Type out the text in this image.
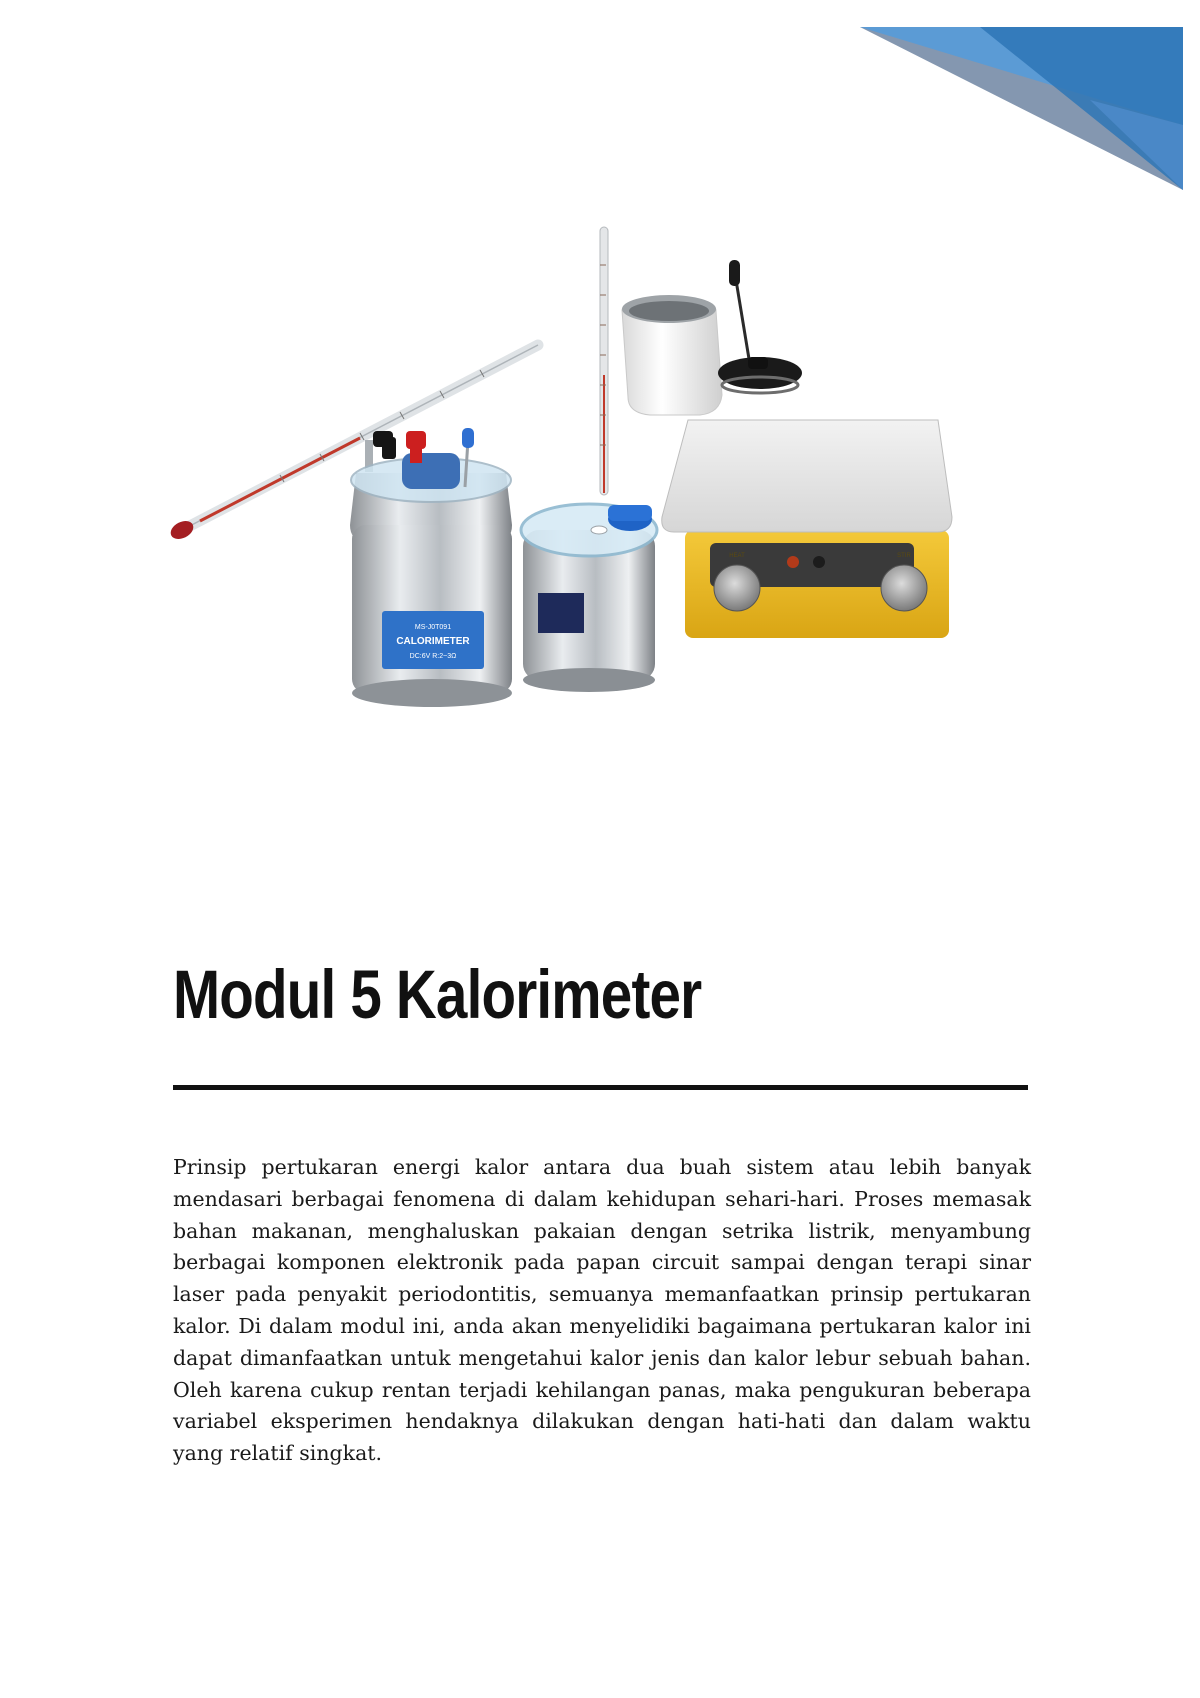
MS-J0T091
CALORIMETER
DC:6V R:2~3Ω
HEAT	STIR
Modul 5 Kalorimeter

Prinsip pertukaran energi kalor antara dua buah sistem atau lebih banyak mendasari berbagai fenomena di dalam kehidupan sehari-hari. Proses memasak bahan makanan, menghaluskan pakaian dengan setrika listrik, menyambung berbagai komponen elektronik pada papan circuit sampai dengan terapi sinar laser pada penyakit periodontitis, semuanya memanfaatkan prinsip pertukaran kalor. Di dalam modul ini, anda akan menyelidiki bagaimana pertukaran kalor ini dapat dimanfaatkan untuk mengetahui kalor jenis dan kalor lebur sebuah bahan. Oleh karena cukup rentan terjadi kehilangan panas, maka pengukuran beberapa variabel eksperimen hendaknya dilakukan dengan hati-hati dan dalam waktu yang relatif singkat.
